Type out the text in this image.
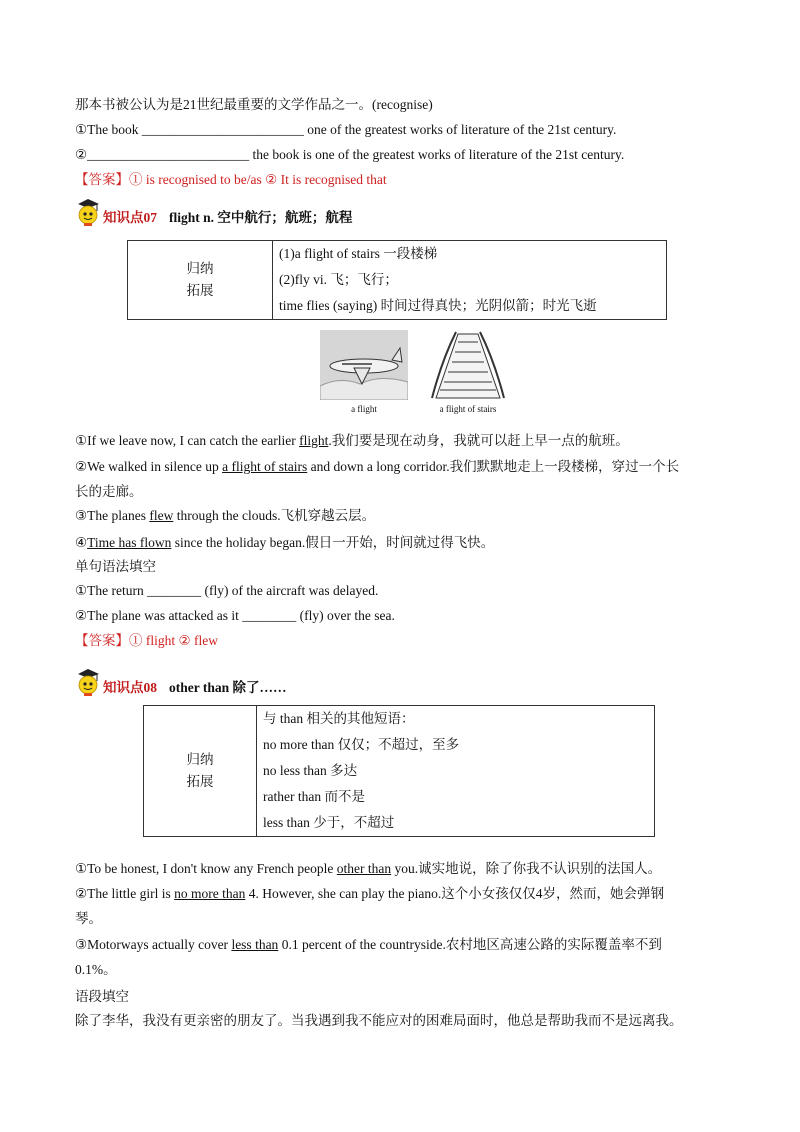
那本书被公认为是21世纪最重要的文学作品之一。(recognise)
①The book ________________________ one of the greatest works of literature of the 21st century.
②________________________ the book is one of the greatest works of literature of the 21st century.
【答案】① is recognised to be/as ② It is recognised that
知识点07 flight n. 空中航行；航班；航程
归纳
拓展

(1)a flight of stairs 一段楼梯
(2)fly vi. 飞；飞行；
time flies (saying) 时间过得真快；光阴似箭；时光飞逝
a flight	a flight of stairs
①If we leave now, I can catch the earlier flight.我们要是现在动身，我就可以赶上早一点的航班。
②We walked in silence up a flight of stairs and down a long corridor.我们默默地走上一段楼梯，穿过一个长
长的走廊。
③The planes flew through the clouds.飞机穿越云层。
④Time has flown since the holiday began.假日一开始，时间就过得飞快。
单句语法填空
①The return ________ (fly) of the aircraft was delayed.
②The plane was attacked as it ________ (fly) over the sea.
【答案】① flight ② flew
知识点08 other than 除了……
归纳
拓展

与 than 相关的其他短语：
no more than 仅仅；不超过，至多
no less than 多达
rather than 而不是
less than 少于，不超过
①To be honest, I don't know any French people other than you.诚实地说，除了你我不认识别的法国人。
②The little girl is no more than 4. However, she can play the piano.这个小女孩仅仅4岁，然而，她会弹钢
琴。
③Motorways actually cover less than 0.1 percent of the countryside.农村地区高速公路的实际覆盖率不到
0.1%。
语段填空
除了李华，我没有更亲密的朋友了。当我遇到我不能应对的困难局面时，他总是帮助我而不是远离我。
